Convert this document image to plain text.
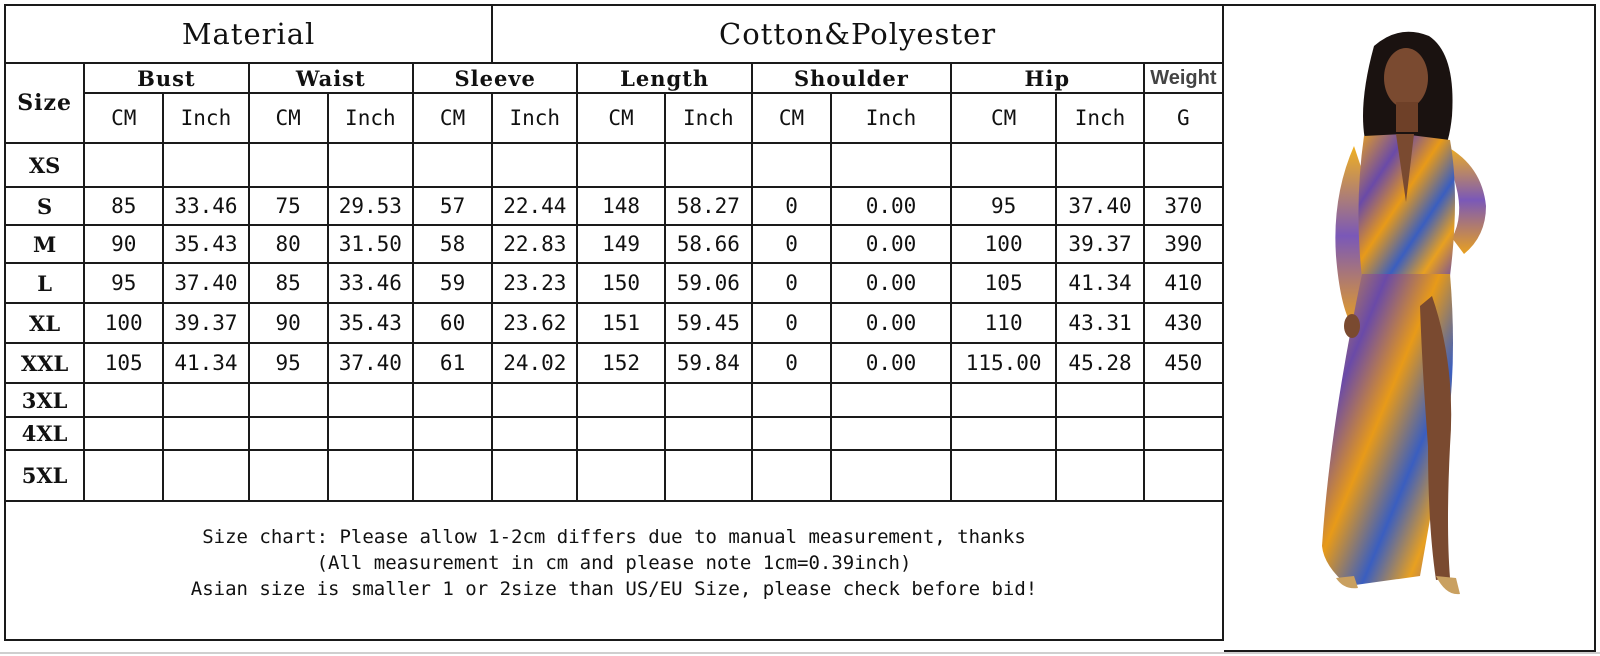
Material						Cotton&Polyester							
Size	Bust		Waist		Sleeve		Length		Shoulder		Hip		Weight
	CM	Inch	CM	Inch	CM	Inch	CM	Inch	CM	Inch	CM	Inch	G
XS													
S	85	33.46	75	29.53	57	22.44	148	58.27	0	0.00	95	37.40	370
M	90	35.43	80	31.50	58	22.83	149	58.66	0	0.00	100	39.37	390
L	95	37.40	85	33.46	59	23.23	150	59.06	0	0.00	105	41.34	410
XL	100	39.37	90	35.43	60	23.62	151	59.45	0	0.00	110	43.31	430
XXL	105	41.34	95	37.40	61	24.02	152	59.84	0	0.00	115.00	45.28	450
3XL													
4XL													
5XL													

Size chart: Please allow 1-2cm differs due to manual measurement, thanks
(All measurement in cm and please note 1cm=0.39inch)
Asian size is smaller 1 or 2size than US/EU Size, please check before bid!													
